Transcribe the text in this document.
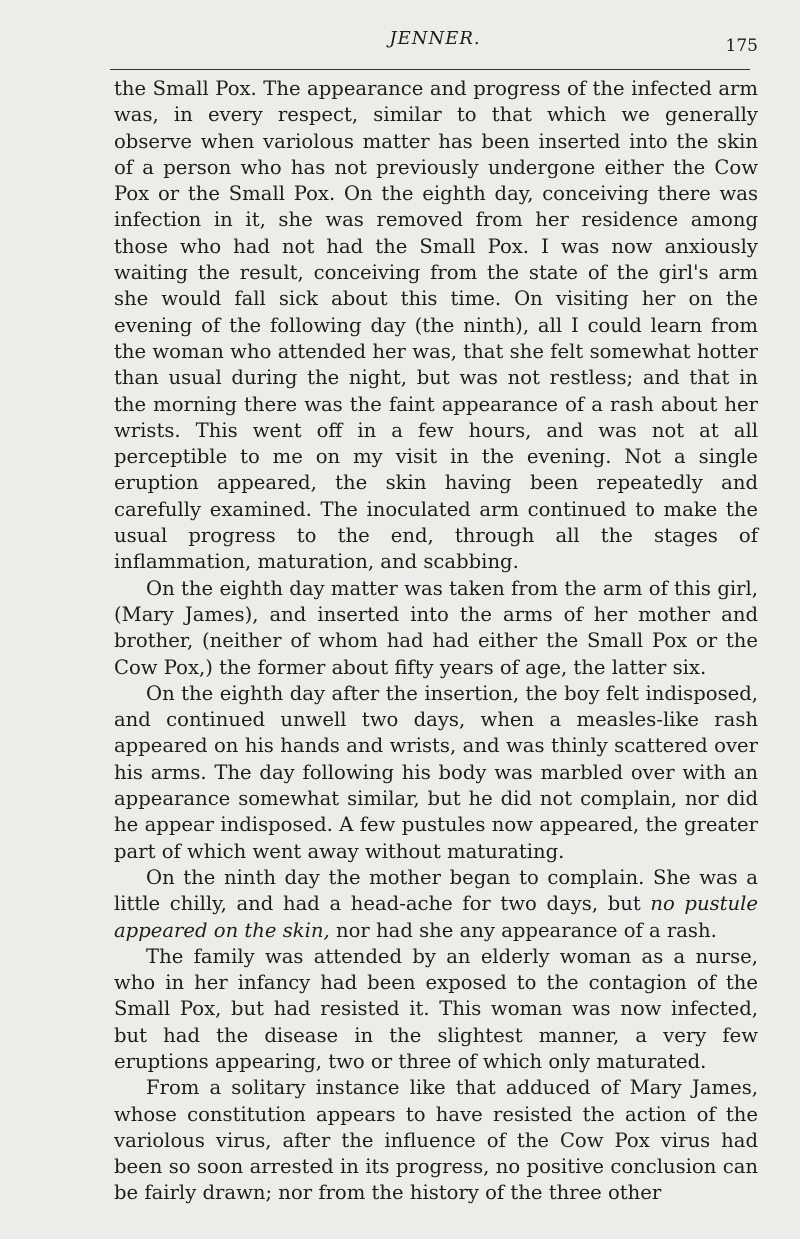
JENNER.	175

the Small Pox. The appearance and progress of the infected arm was, in every respect, similar to that which we generally observe when variolous matter has been inserted into the skin of a person who has not previously undergone either the Cow Pox or the Small Pox. On the eighth day, conceiving there was infection in it, she was removed from her residence among those who had not had the Small Pox. I was now anxiously waiting the result, conceiving from the state of the girl's arm she would fall sick about this time. On visiting her on the evening of the following day (the ninth), all I could learn from the woman who attended her was, that she felt somewhat hotter than usual during the night, but was not restless; and that in the morning there was the faint appearance of a rash about her wrists. This went off in a few hours, and was not at all perceptible to me on my visit in the evening. Not a single eruption appeared, the skin having been repeatedly and carefully examined. The inoculated arm continued to make the usual progress to the end, through all the stages of inflammation, maturation, and scabbing.

On the eighth day matter was taken from the arm of this girl, (Mary James), and inserted into the arms of her mother and brother, (neither of whom had had either the Small Pox or the Cow Pox,) the former about fifty years of age, the latter six.

On the eighth day after the insertion, the boy felt indisposed, and continued unwell two days, when a measles-like rash appeared on his hands and wrists, and was thinly scattered over his arms. The day following his body was marbled over with an appearance somewhat similar, but he did not complain, nor did he appear indisposed. A few pustules now appeared, the greater part of which went away without maturating.

On the ninth day the mother began to complain. She was a little chilly, and had a head-ache for two days, but no pustule appeared on the skin, nor had she any appearance of a rash.

The family was attended by an elderly woman as a nurse, who in her infancy had been exposed to the contagion of the Small Pox, but had resisted it. This woman was now infected, but had the disease in the slightest manner, a very few eruptions appearing, two or three of which only maturated.

From a solitary instance like that adduced of Mary James, whose constitution appears to have resisted the action of the variolous virus, after the influence of the Cow Pox virus had been so soon arrested in its progress, no positive conclusion can be fairly drawn; nor from the history of the three other
